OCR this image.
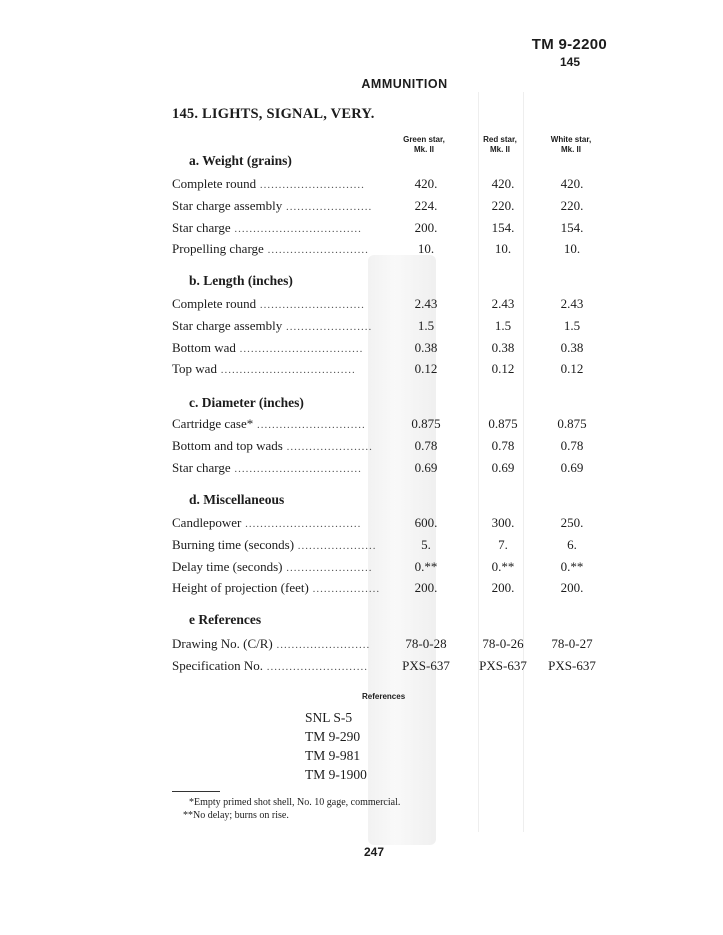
TM 9-2200
145
AMMUNITION
145. LIGHTS, SIGNAL, VERY.
Green star,
Mk. II
Red star,
Mk. II
White star,
Mk. II
a. Weight (grains)
Complete round ............................	420.	420.	420.
Star charge assembly .......................	224.	220.	220.
Star charge ..................................	200.	154.	154.
Propelling charge ...........................	10.	10.	10.
b. Length (inches)
Complete round ............................	2.43	2.43	2.43
Star charge assembly .......................	1.5	1.5	1.5
Bottom wad .................................	0.38	0.38	0.38
Top wad ....................................	0.12	0.12	0.12
c. Diameter (inches)
Cartridge case* .............................	0.875	0.875	0.875
Bottom and top wads .......................	0.78	0.78	0.78
Star charge ..................................	0.69	0.69	0.69
d. Miscellaneous
Candlepower ...............................	600.	300.	250.
Burning time (seconds) .....................	5.	7.	6.
Delay time (seconds) .......................	0.**	0.**	0.**
Height of projection (feet) ..................	200.	200.	200.
e References
Drawing No. (C/R) .........................	78-0-28	78-0-26	78-0-27
Specification No. ...........................	PXS-637	PXS-637	PXS-637
References
SNL S-5
TM 9-290
TM 9-981
TM 9-1900
*Empty primed shot shell, No. 10 gage, commercial.
**No delay; burns on rise.
247
